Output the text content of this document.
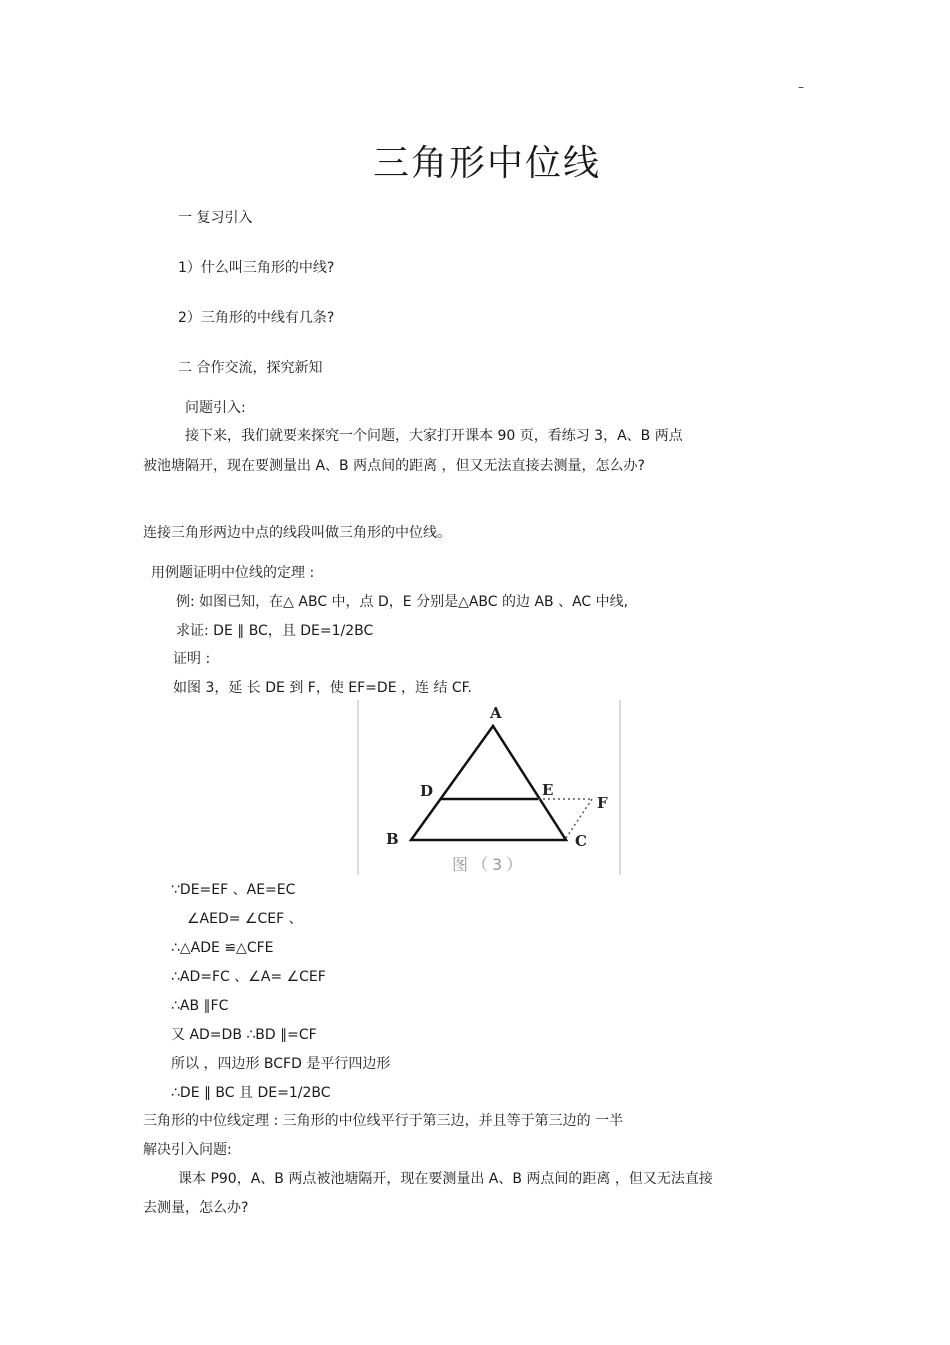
–
三角形中位线
一 复习引入
1）什么叫三角形的中线?
2）三角形的中线有几条?
二 合作交流，探究新知
问题引入:
接下来，我们就要来探究一个问题，大家打开课本 90 页，看练习 3，A、B 两点
被池塘隔开，现在要测量出 A、B 两点间的距离 ，但又无法直接去测量，怎么办?
连接三角形两边中点的线段叫做三角形的中位线。
用例题证明中位线的定理 :
例: 如图已知，在△ ABC 中，点 D，E 分别是△ABC 的边 AB 、AC 中线,
求证: DE ∥ BC，且 DE=1/2BC
证明 :
如图 3，延 长 DE 到 F，使 EF=DE ，连 结 CF.
A
B	C
D	E
F
图（3）
∵DE=EF 、AE=EC
∠AED= ∠CEF 、
∴△ADE ≌△CFE
∴AD=FC 、∠A= ∠CEF
∴AB ∥FC
又 AD=DB ∴BD ∥=CF
所以 ，四边形 BCFD 是平行四边形
∴DE ∥ BC 且 DE=1/2BC
三角形的中位线定理 : 三角形的中位线平行于第三边，并且等于第三边的 一半
解决引入问题:
课本 P90，A、B 两点被池塘隔开，现在要测量出 A、B 两点间的距离 ，但又无法直接
去测量，怎么办?
